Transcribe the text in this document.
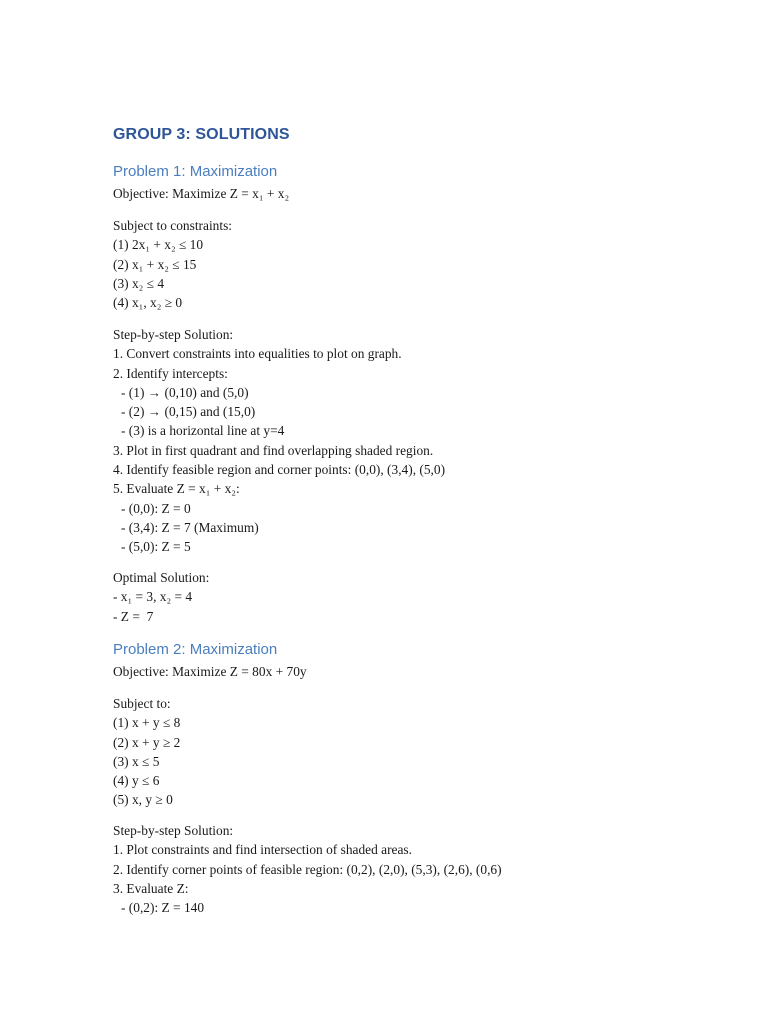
GROUP 3: SOLUTIONS
Problem 1: Maximization
Objective: Maximize Z = x₁ + x₂
Subject to constraints:
(1) 2x₁ + x₂ ≤ 10
(2) x₁ + x₂ ≤ 15
(3) x₂ ≤ 4
(4) x₁, x₂ ≥ 0
Step-by-step Solution:
1. Convert constraints into equalities to plot on graph.
2. Identify intercepts:
- (1) → (0,10) and (5,0)
- (2) → (0,15) and (15,0)
- (3) is a horizontal line at y=4
3. Plot in first quadrant and find overlapping shaded region.
4. Identify feasible region and corner points: (0,0), (3,4), (5,0)
5. Evaluate Z = x₁ + x₂:
- (0,0): Z = 0
- (3,4): Z = 7 (Maximum)
- (5,0): Z = 5
Optimal Solution:
- x₁ = 3, x₂ = 4
- Z =  7
Problem 2: Maximization
Objective: Maximize Z = 80x + 70y
Subject to:
(1) x + y ≤ 8
(2) x + y ≥ 2
(3) x ≤ 5
(4) y ≤ 6
(5) x, y ≥ 0
Step-by-step Solution:
1. Plot constraints and find intersection of shaded areas.
2. Identify corner points of feasible region: (0,2), (2,0), (5,3), (2,6), (0,6)
3. Evaluate Z:
- (0,2): Z = 140
